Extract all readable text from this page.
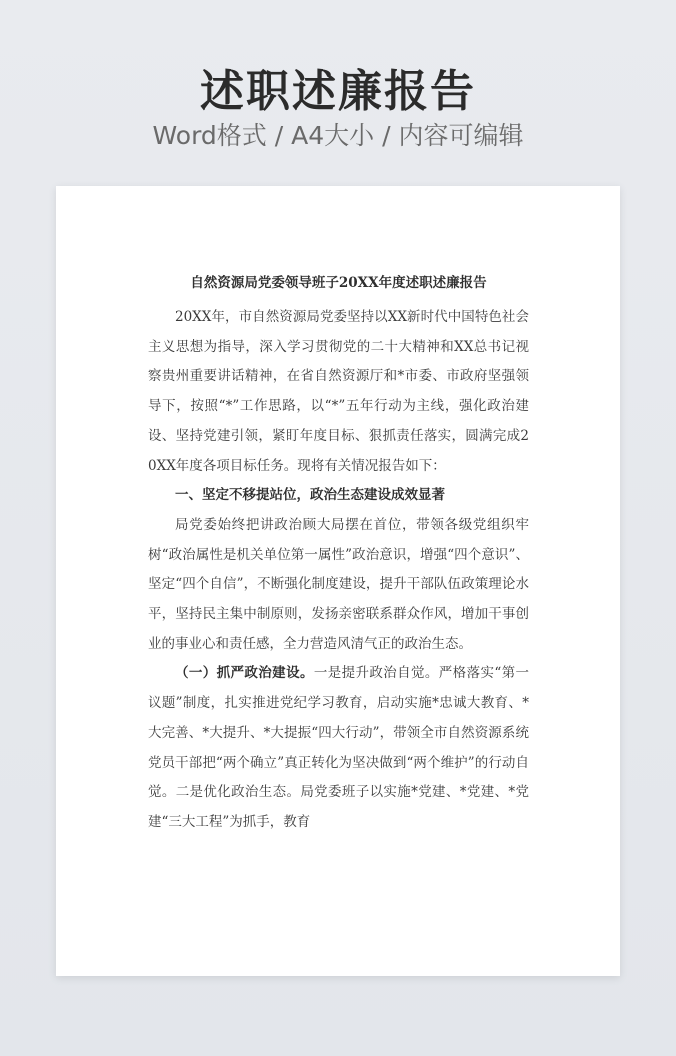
述职述廉报告
Word格式 / A4大小 / 内容可编辑
自然资源局党委领导班子20XX年度述职述廉报告

20XX年，市自然资源局党委坚持以XX新时代中国特色社会主义思想为指导，深入学习贯彻党的二十大精神和XX总书记视察贵州重要讲话精神，在省自然资源厅和*市委、市政府坚强领导下，按照“*”工作思路，以“*”五年行动为主线，强化政治建设、坚持党建引领，紧盯年度目标、狠抓责任落实，圆满完成20XX年度各项目标任务。现将有关情况报告如下：

一、坚定不移提站位，政治生态建设成效显著

局党委始终把讲政治顾大局摆在首位，带领各级党组织牢树“政治属性是机关单位第一属性”政治意识，增强“四个意识”、坚定“四个自信”，不断强化制度建设，提升干部队伍政策理论水平，坚持民主集中制原则，发扬亲密联系群众作风，增加干事创业的事业心和责任感，全力营造风清气正的政治生态。

（一）抓严政治建设。一是提升政治自觉。严格落实“第一议题”制度，扎实推进党纪学习教育，启动实施*忠诚大教育、*大完善、*大提升、*大提振“四大行动”，带领全市自然资源系统党员干部把“两个确立”真正转化为坚决做到“两个维护”的行动自觉。二是优化政治生态。局党委班子以实施*党建、*党建、*党建“三大工程”为抓手，教育
